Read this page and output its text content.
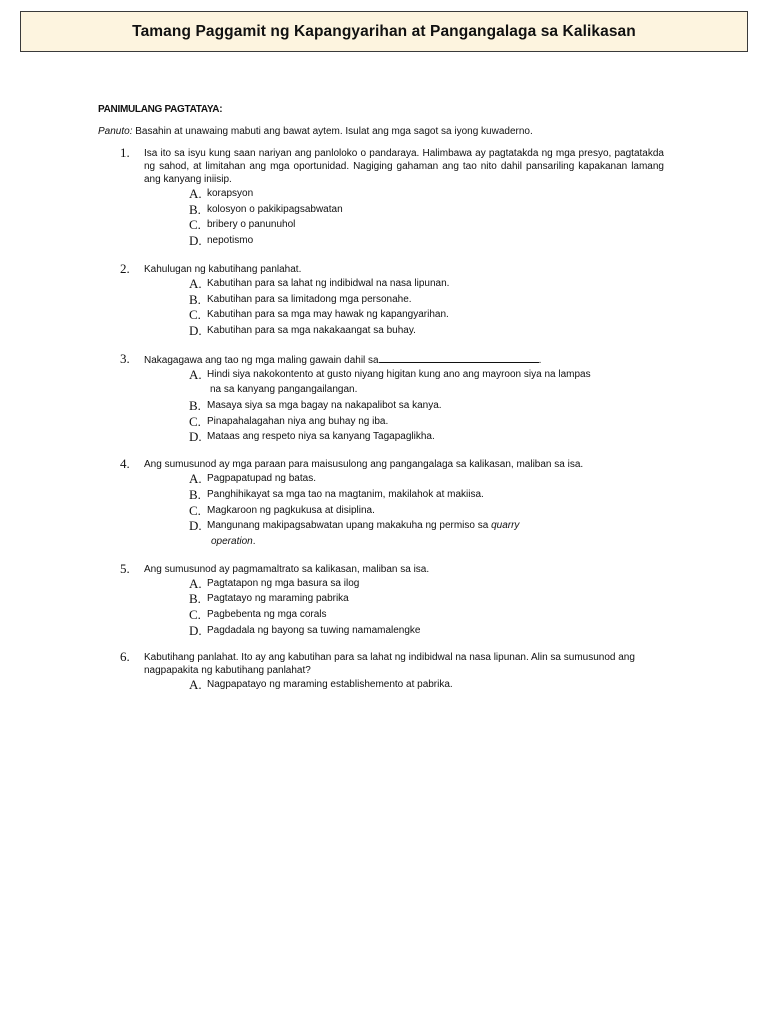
Tamang Paggamit ng Kapangyarihan at Pangangalaga sa Kalikasan
PANIMULANG PAGTATAYA:
Panuto: Basahin at unawaing mabuti ang bawat aytem. Isulat ang mga sagot sa iyong kuwaderno.
1. Isa ito sa isyu kung saan nariyan ang panloloko o pandaraya. Halimbawa ay pagtatakda ng mga presyo, pagtatakda ng sahod, at limitahan ang mga oportunidad. Nagiging gahaman ang tao nito dahil pansariling kapakanan lamang ang kanyang iniisip.
A. korapsyon
B. kolosyon o pakikipagsabwatan
C. bribery o panunuhol
D. nepotismo
2. Kahulugan ng kabutihang panlahat.
A. Kabutihan para sa lahat ng indibidwal na nasa lipunan.
B. Kabutihan para sa limitadong mga personahe.
C. Kabutihan para sa mga may hawak ng kapangyarihan.
D. Kabutihan para sa mga nakakaangat sa buhay.
3. Nakagagawa ang tao ng mga maling gawain dahil sa	.
A. Hindi siya nakokontento at gusto niyang higitan kung ano ang mayroon siya na lampas
na sa kanyang pangangailangan.
B. Masaya siya sa mga bagay na nakapalibot sa kanya.
C. Pinapahalagahan niya ang buhay ng iba.
D. Mataas ang respeto niya sa kanyang Tagapaglikha.
4. Ang sumusunod ay mga paraan para maisusulong ang pangangalaga sa kalikasan, maliban sa isa.
A. Pagpapatupad ng batas.
B. Panghihikayat sa mga tao na magtanim, makilahok at makiisa.
C. Magkaroon ng pagkukusa at disiplina.
D. Mangunang makipagsabwatan upang makakuha ng permiso sa quarry
operation.
5. Ang sumusunod ay pagmamaltrato sa kalikasan, maliban sa isa.
A. Pagtatapon ng mga basura sa ilog
B. Pagtatayo ng maraming pabrika
C. Pagbebenta ng mga corals
D. Pagdadala ng bayong sa tuwing namamalengke
6. Kabutihang panlahat. Ito ay ang kabutihan para sa lahat ng indibidwal na nasa lipunan. Alin sa sumusunod ang nagpapakita ng kabutihang panlahat?
A. Nagpapatayo ng maraming establishemento at pabrika.
